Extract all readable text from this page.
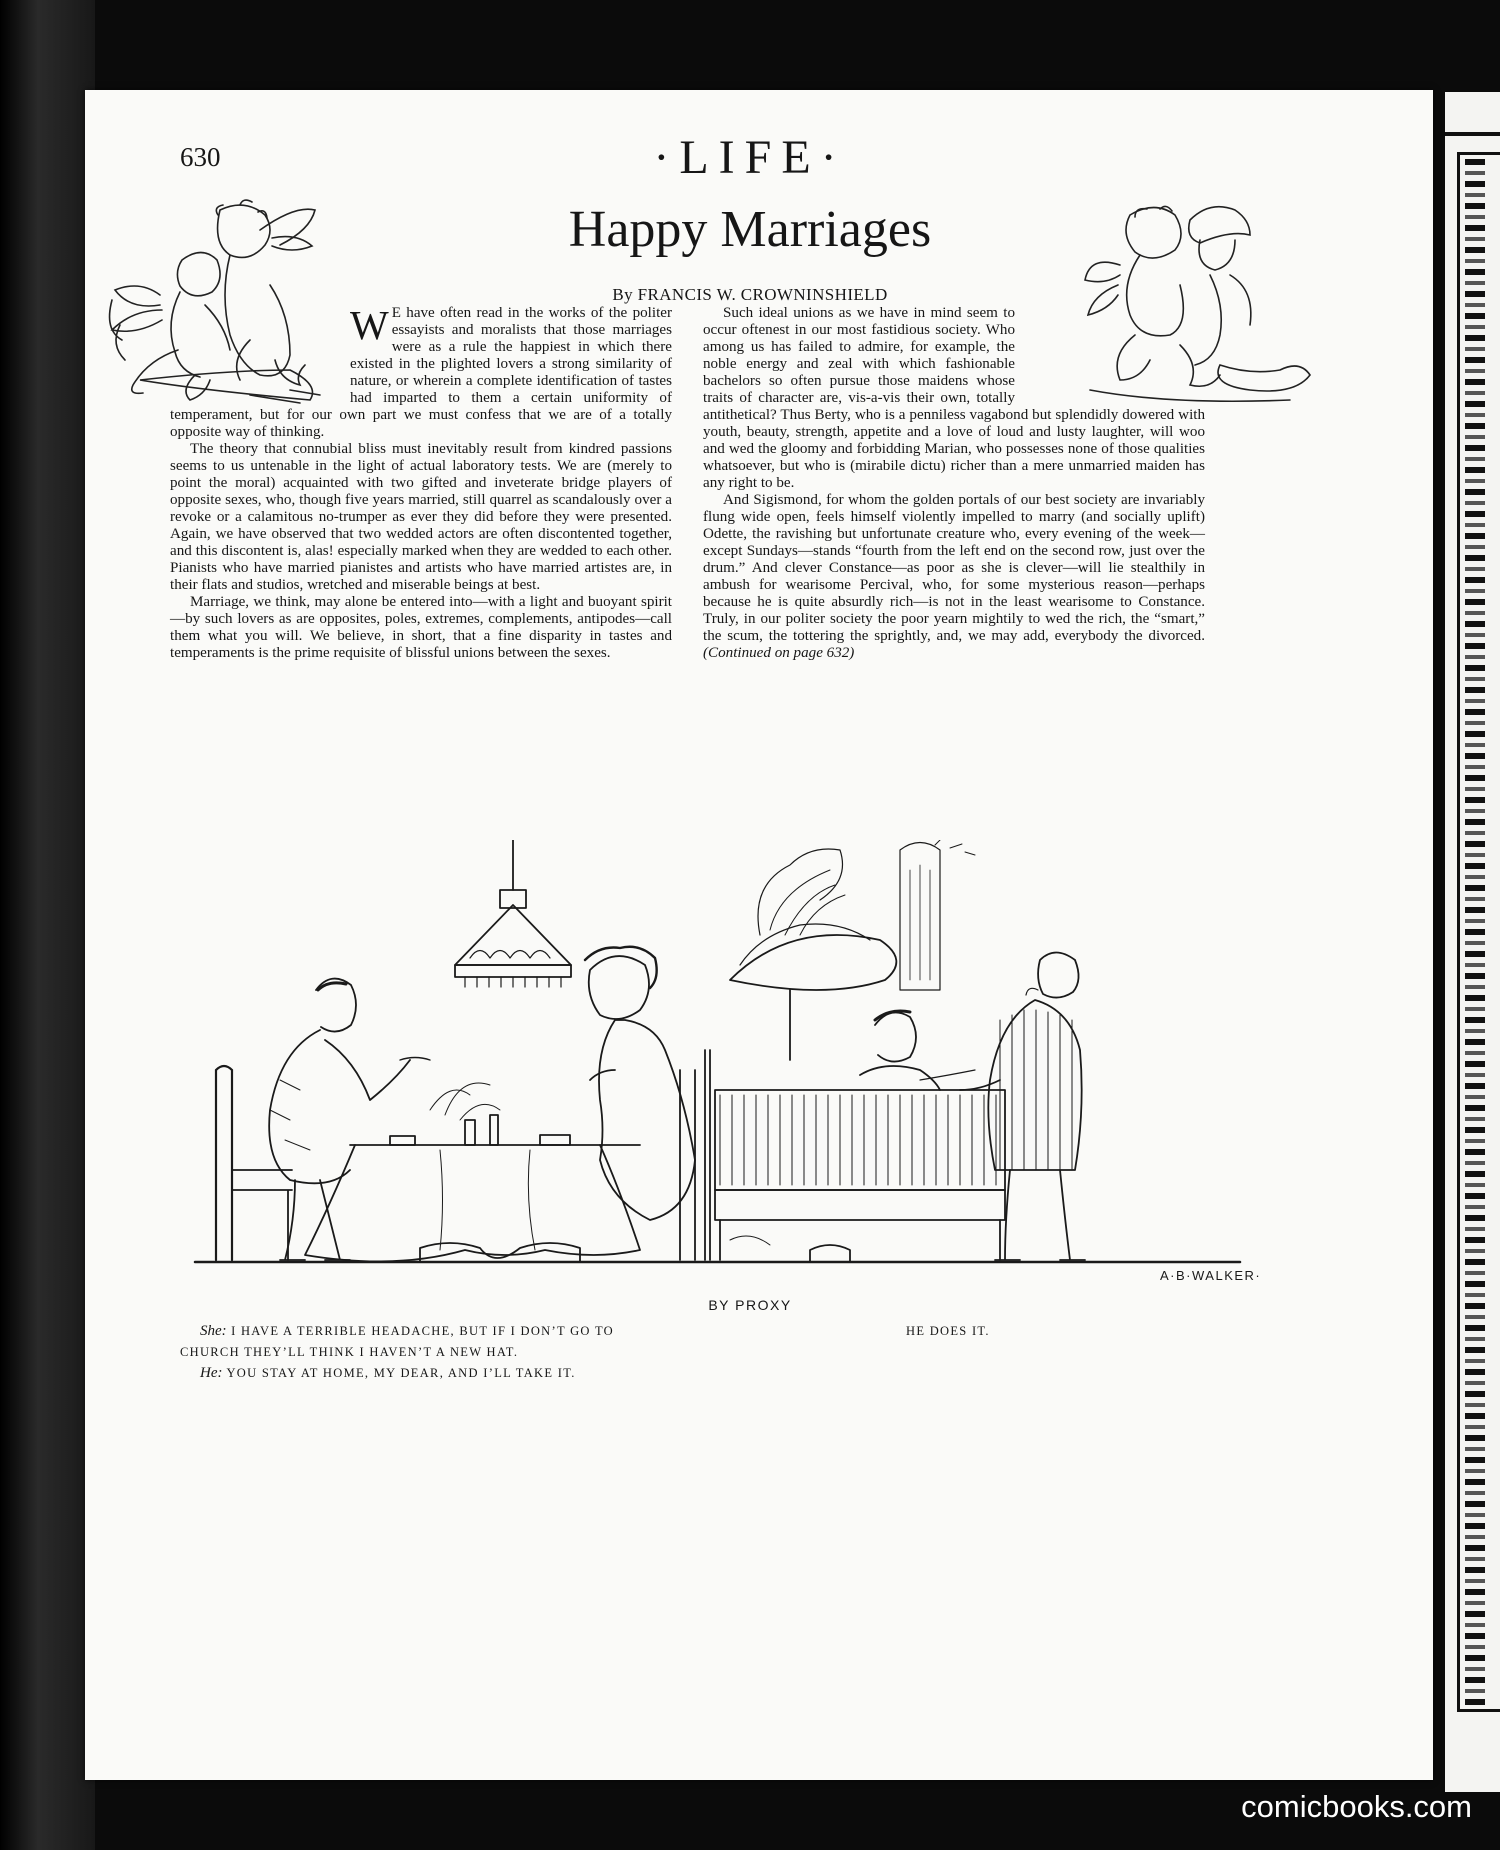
630	·LIFE·
Happy Marriages
By FRANCIS W. CROWNINSHIELD

W E have often read in the works of the politer essayists and moralists that those marriages were as a rule the happiest in which there existed in the plighted lovers a strong similarity of nature, or wherein a complete identification of tastes had imparted to them a certain uniformity of temperament, but for our own part we must confess that we are of a totally opposite way of thinking.

The theory that connubial bliss must inevitably result from kindred passions seems to us untenable in the light of actual laboratory tests. We are (merely to point the moral) acquainted with two gifted and inveterate bridge players of opposite sexes, who, though five years married, still quarrel as scandalously over a revoke or a calamitous no-trumper as ever they did before they were presented. Again, we have observed that two wedded actors are often discontented together, and this discontent is, alas! especially marked when they are wedded to each other. Pianists who have married pianistes and artists who have married artistes are, in their flats and studios, wretched and miserable beings at best.

Marriage, we think, may alone be entered into—with a light and buoyant spirit—by such lovers as are opposites, poles, extremes, complements, antipodes—call them what you will. We believe, in short, that a fine disparity in tastes and temperaments is the prime requisite of blissful unions between the sexes.

Such ideal unions as we have in mind seem to occur oftenest in our most fastidious society. Who among us has failed to admire, for example, the noble energy and zeal with which fashionable bachelors so often pursue those maidens whose traits of character are, vis-a-vis their own, totally antithetical? Thus Berty, who is a penniless vagabond but splendidly dowered with youth, beauty, strength, appetite and a love of loud and lusty laughter, will woo and wed the gloomy and forbidding Marian, who possesses none of those qualities whatsoever, but who is (mirabile dictu) richer than a mere unmarried maiden has any right to be.

And Sigismond, for whom the golden portals of our best society are invariably flung wide open, feels himself violently impelled to marry (and socially uplift) Odette, the ravishing but unfortunate creature who, every evening of the week—except Sundays—stands “fourth from the left end on the second row, just over the drum.” And clever Constance—as poor as she is clever—will lie stealthily in ambush for wearisome Percival, who, for some mysterious reason—perhaps because he is quite absurdly rich—is not in the least wearisome to Constance. Truly, in our politer society the poor yearn mightily to wed the rich, the “smart,” the scum, the tottering the sprightly, and, we may add, everybody the divorced. (Continued on page 632)

A·B·WALKER·
BY PROXY
She: I HAVE A TERRIBLE HEADACHE, BUT IF I DON’T GO TO
CHURCH THEY’LL THINK I HAVEN’T A NEW HAT.
He: YOU STAY AT HOME, MY DEAR, AND I’LL TAKE IT.
HE DOES IT.
comicbooks.com
